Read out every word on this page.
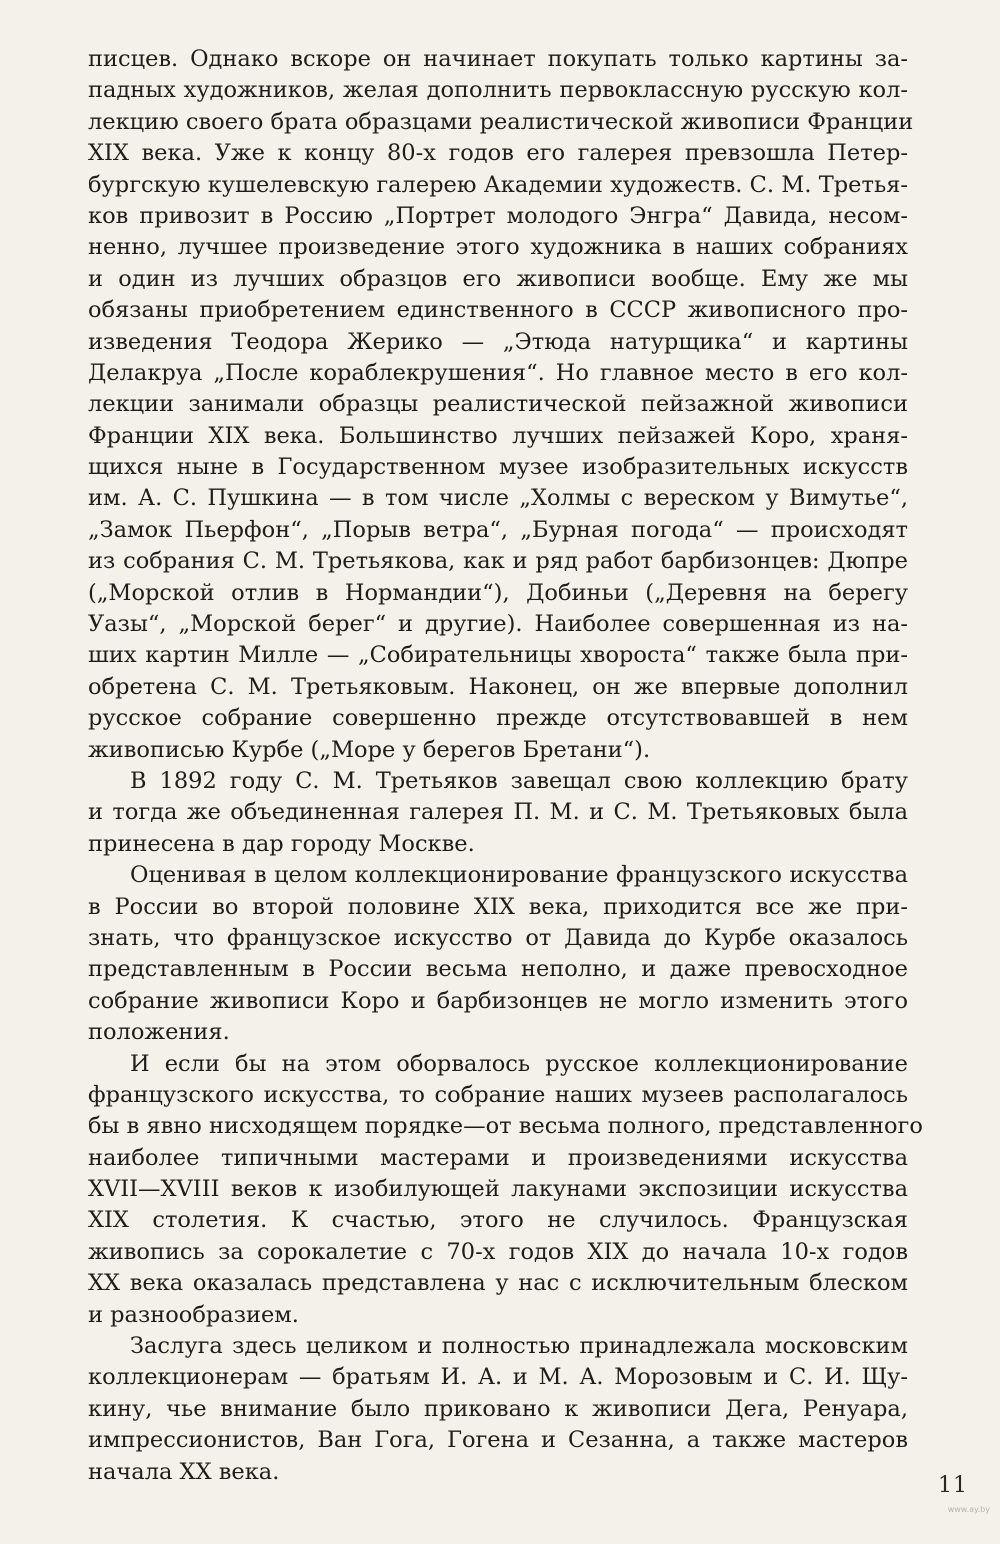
писцев. Однако вскоре он начинает покупать только картины за-
падных художников, желая дополнить первоклассную русскую кол-
лекцию своего брата образцами реалистической живописи Франции
XIX века. Уже к концу 80-х годов его галерея превзошла Петер-
бургскую кушелевскую галерею Академии художеств. С. М. Третья-
ков привозит в Россию „Портрет молодого Энгра“ Давида, несом-
ненно, лучшее произведение этого художника в наших собраниях
и один из лучших образцов его живописи вообще. Ему же мы
обязаны приобретением единственного в СССР живописного про-
изведения Теодора Жерико — „Этюда натурщика“ и картины
Делакруа „После кораблекрушения“. Но главное место в его кол-
лекции занимали образцы реалистической пейзажной живописи
Франции XIX века. Большинство лучших пейзажей Коро, храня-
щихся ныне в Государственном музее изобразительных искусств
им. А. С. Пушкина — в том числе „Холмы с вереском у Вимутье“,
„Замок Пьерфон“, „Порыв ветра“, „Бурная погода“ — происходят
из собрания С. М. Третьякова, как и ряд работ барбизонцев: Дюпре
(„Морской отлив в Нормандии“), Добиньи („Деревня на берегу
Уазы“, „Морской берег“ и другие). Наиболее совершенная из на-
ших картин Милле — „Собирательницы хвороста“ также была при-
обретена С. М. Третьяковым. Наконец, он же впервые дополнил
русское собрание совершенно прежде отсутствовавшей в нем
живописью Курбе („Море у берегов Бретани“).
В 1892 году С. М. Третьяков завещал свою коллекцию брату
и тогда же объединенная галерея П. М. и С. М. Третьяковых была
принесена в дар городу Москве.
Оценивая в целом коллекционирование французского искусства
в России во второй половине XIX века, приходится все же при-
знать, что французское искусство от Давида до Курбе оказалось
представленным в России весьма неполно, и даже превосходное
собрание живописи Коро и барбизонцев не могло изменить этого
положения.
И если бы на этом оборвалось русское коллекционирование
французского искусства, то собрание наших музеев располагалось
бы в явно нисходящем порядке—от весьма полного, представленного
наиболее типичными мастерами и произведениями искусства
XVII—XVIII веков к изобилующей лакунами экспозиции искусства
XIX столетия. К счастью, этого не случилось. Французская
живопись за сорокалетие с 70-х годов XIX до начала 10-х годов
XX века оказалась представлена у нас с исключительным блеском
и разнообразием.
Заслуга здесь целиком и полностью принадлежала московским
коллекционерам — братьям И. А. и М. А. Морозовым и С. И. Щу-
кину, чье внимание было приковано к живописи Дега, Ренуара,
импрессионистов, Ван Гога, Гогена и Сезанна, а также мастеров
начала XX века.
11
www.ay.by
